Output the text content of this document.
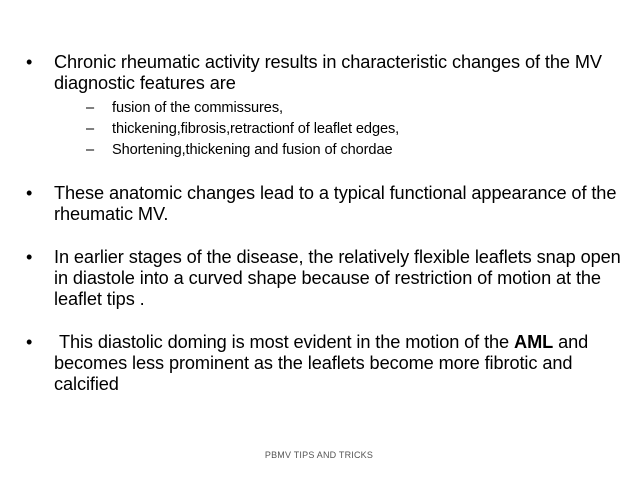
•	Chronic rheumatic activity results in characteristic changes of the MV diagnostic features are
– fusion of the commissures,
– thickening,fibrosis,retractionf of leaflet edges,
– Shortening,thickening and fusion of chordae
•	These anatomic changes lead to a typical functional appearance of the rheumatic MV.
•	In earlier stages of the disease, the relatively flexible leaflets snap open in diastole into a curved shape because of restriction of motion at the leaflet tips .
•	This diastolic doming is most evident in the motion of the AML and becomes less prominent as the leaflets become more fibrotic and calcified
PBMV TIPS AND TRICKS
